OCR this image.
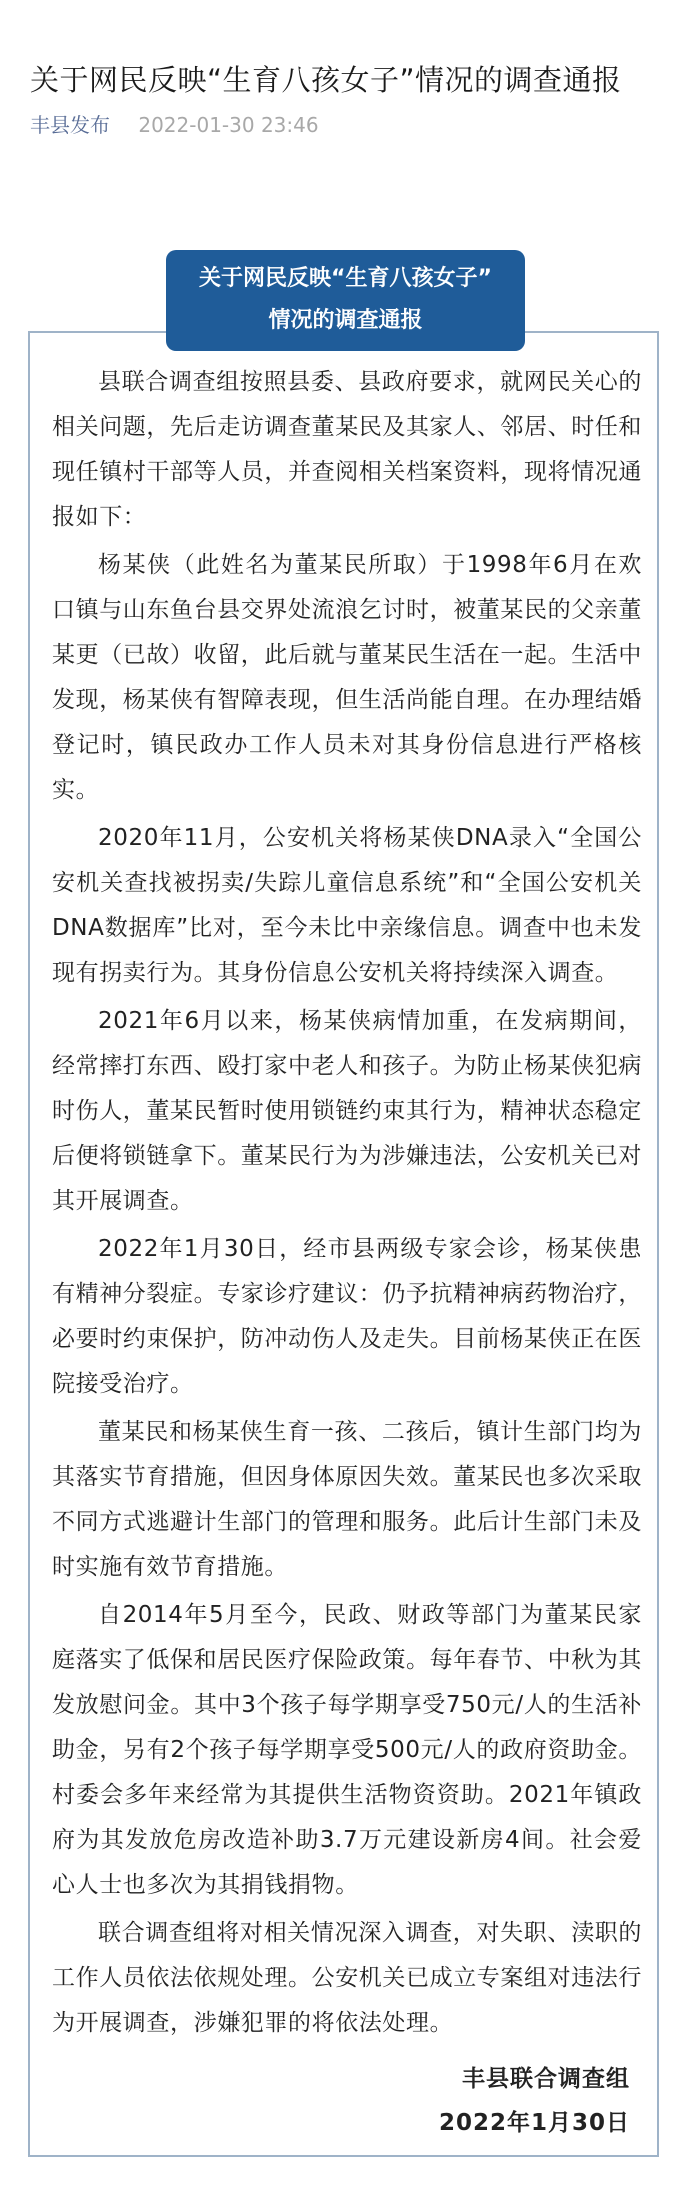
关于网民反映“生育八孩女子”情况的调查通报
丰县发布 2022-01-30 23:46
关于网民反映“生育八孩女子”
情况的调查通报

县联合调查组按照县委、县政府要求，就网民关心的相关问题，先后走访调查董某民及其家人、邻居、时任和现任镇村干部等人员，并查阅相关档案资料，现将情况通报如下：

杨某侠（此姓名为董某民所取）于1998年6月在欢口镇与山东鱼台县交界处流浪乞讨时，被董某民的父亲董某更（已故）收留，此后就与董某民生活在一起。生活中发现，杨某侠有智障表现，但生活尚能自理。在办理结婚登记时，镇民政办工作人员未对其身份信息进行严格核实。

2020年11月，公安机关将杨某侠DNA录入“全国公安机关查找被拐卖/失踪儿童信息系统”和“全国公安机关DNA数据库”比对，至今未比中亲缘信息。调查中也未发现有拐卖行为。其身份信息公安机关将持续深入调查。

2021年6月以来，杨某侠病情加重，在发病期间，经常摔打东西、殴打家中老人和孩子。为防止杨某侠犯病时伤人，董某民暂时使用锁链约束其行为，精神状态稳定后便将锁链拿下。董某民行为为涉嫌违法，公安机关已对其开展调查。

2022年1月30日，经市县两级专家会诊，杨某侠患有精神分裂症。专家诊疗建议：仍予抗精神病药物治疗，必要时约束保护，防冲动伤人及走失。目前杨某侠正在医院接受治疗。

董某民和杨某侠生育一孩、二孩后，镇计生部门均为其落实节育措施，但因身体原因失效。董某民也多次采取不同方式逃避计生部门的管理和服务。此后计生部门未及时实施有效节育措施。

自2014年5月至今，民政、财政等部门为董某民家庭落实了低保和居民医疗保险政策。每年春节、中秋为其发放慰问金。其中3个孩子每学期享受750元/人的生活补助金，另有2个孩子每学期享受500元/人的政府资助金。村委会多年来经常为其提供生活物资资助。2021年镇政府为其发放危房改造补助3.7万元建设新房4间。社会爱心人士也多次为其捐钱捐物。

联合调查组将对相关情况深入调查，对失职、渎职的工作人员依法依规处理。公安机关已成立专案组对违法行为开展调查，涉嫌犯罪的将依法处理。

丰县联合调查组
2022年1月30日
